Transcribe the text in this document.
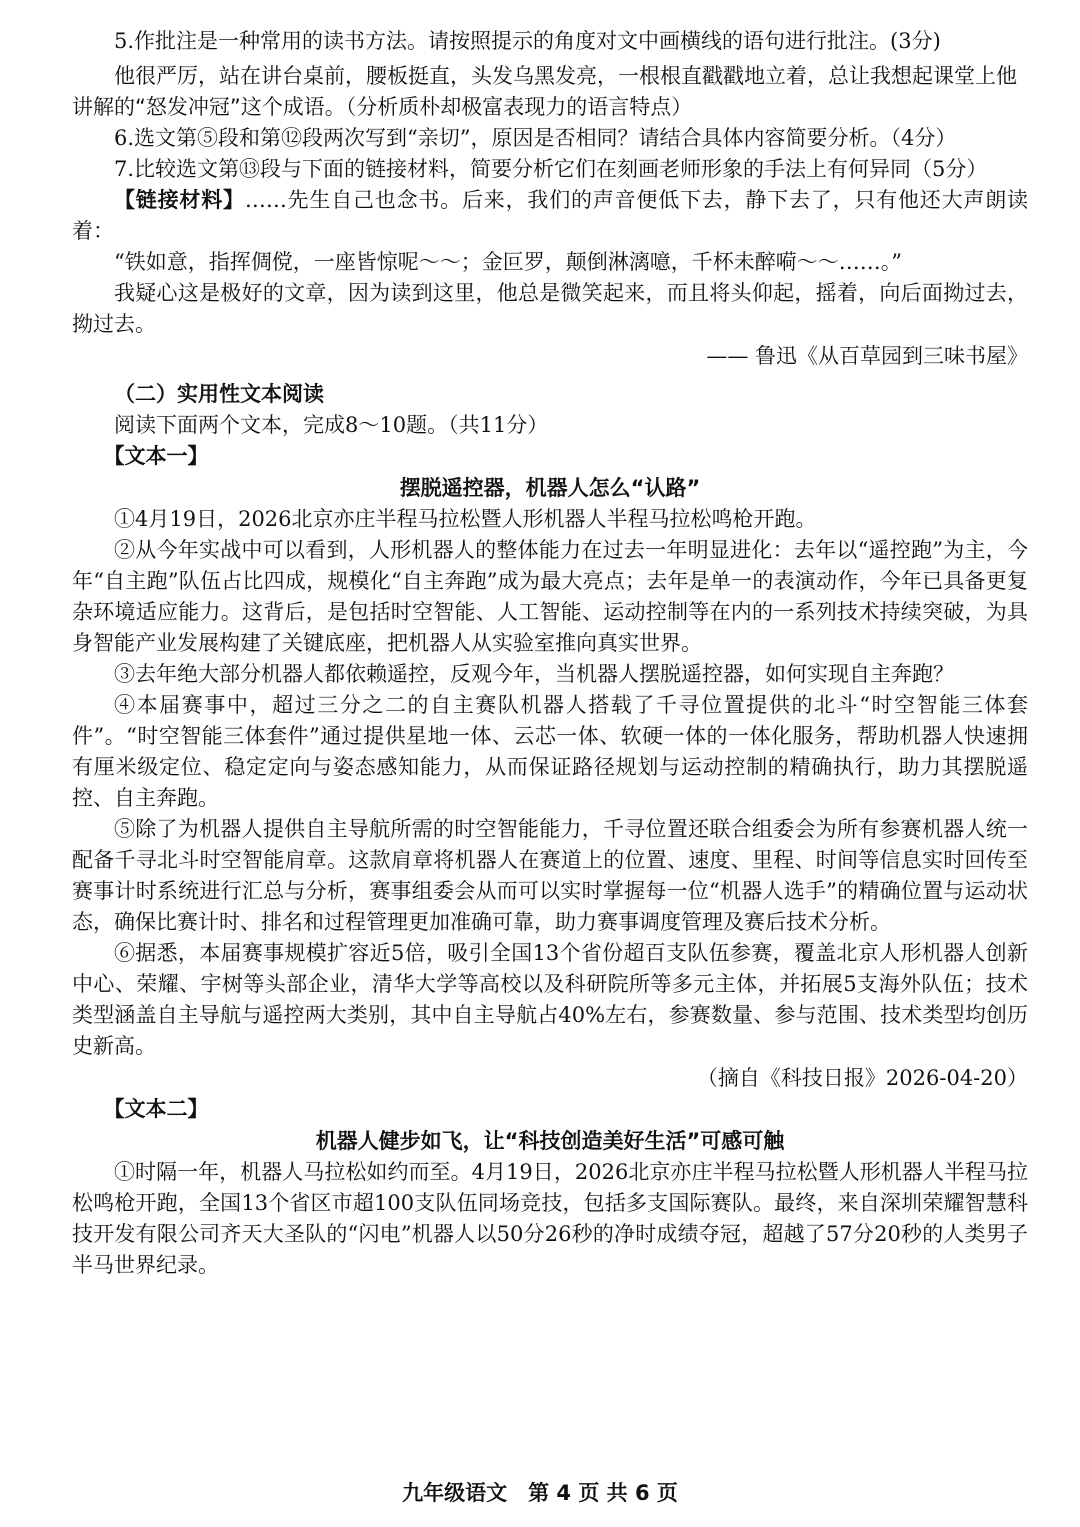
5.作批注是一种常用的读书方法。请按照提示的角度对文中画横线的语句进行批注。(3分)

他很严厉，站在讲台桌前，腰板挺直，头发乌黑发亮，一根根直戳戳地立着，总让我想起课堂上他讲解的“怒发冲冠”这个成语。（分析质朴却极富表现力的语言特点）

6.选文第⑤段和第⑫段两次写到“亲切”，原因是否相同？请结合具体内容简要分析。（4分）

7.比较选文第⑬段与下面的链接材料，简要分析它们在刻画老师形象的手法上有何异同（5分）

【链接材料】……先生自己也念书。后来，我们的声音便低下去，静下去了，只有他还大声朗读着：

“铁如意，指挥倜傥，一座皆惊呢～～；金叵罗，颠倒淋漓噫，千杯未醉嗬～～……。”

我疑心这是极好的文章，因为读到这里，他总是微笑起来，而且将头仰起，摇着，向后面拗过去，拗过去。

—— 鲁迅《从百草园到三味书屋》

（二）实用性文本阅读

阅读下面两个文本，完成8～10题。（共11分）

【文本一】

摆脱遥控器，机器人怎么“认路”

①4月19日，2026北京亦庄半程马拉松暨人形机器人半程马拉松鸣枪开跑。

②从今年实战中可以看到，人形机器人的整体能力在过去一年明显进化：去年以“遥控跑”为主，今年“自主跑”队伍占比四成，规模化“自主奔跑”成为最大亮点；去年是单一的表演动作，今年已具备更复杂环境适应能力。这背后，是包括时空智能、人工智能、运动控制等在内的一系列技术持续突破，为具身智能产业发展构建了关键底座，把机器人从实验室推向真实世界。

③去年绝大部分机器人都依赖遥控，反观今年，当机器人摆脱遥控器，如何实现自主奔跑？

④本届赛事中，超过三分之二的自主赛队机器人搭载了千寻位置提供的北斗“时空智能三体套件”。“时空智能三体套件”通过提供星地一体、云芯一体、软硬一体的一体化服务，帮助机器人快速拥有厘米级定位、稳定定向与姿态感知能力，从而保证路径规划与运动控制的精确执行，助力其摆脱遥控、自主奔跑。

⑤除了为机器人提供自主导航所需的时空智能能力，千寻位置还联合组委会为所有参赛机器人统一配备千寻北斗时空智能肩章。这款肩章将机器人在赛道上的位置、速度、里程、时间等信息实时回传至赛事计时系统进行汇总与分析，赛事组委会从而可以实时掌握每一位“机器人选手”的精确位置与运动状态，确保比赛计时、排名和过程管理更加准确可靠，助力赛事调度管理及赛后技术分析。

⑥据悉，本届赛事规模扩容近5倍，吸引全国13个省份超百支队伍参赛，覆盖北京人形机器人创新中心、荣耀、宇树等头部企业，清华大学等高校以及科研院所等多元主体，并拓展5支海外队伍；技术类型涵盖自主导航与遥控两大类别，其中自主导航占40%左右，参赛数量、参与范围、技术类型均创历史新高。

（摘自《科技日报》2026-04-20）

【文本二】

机器人健步如飞，让“科技创造美好生活”可感可触

①时隔一年，机器人马拉松如约而至。4月19日，2026北京亦庄半程马拉松暨人形机器人半程马拉松鸣枪开跑，全国13个省区市超100支队伍同场竞技，包括多支国际赛队。最终，来自深圳荣耀智慧科技开发有限公司齐天大圣队的“闪电”机器人以50分26秒的净时成绩夺冠，超越了57分20秒的人类男子半马世界纪录。

九年级语文　第 4 页 共 6 页
